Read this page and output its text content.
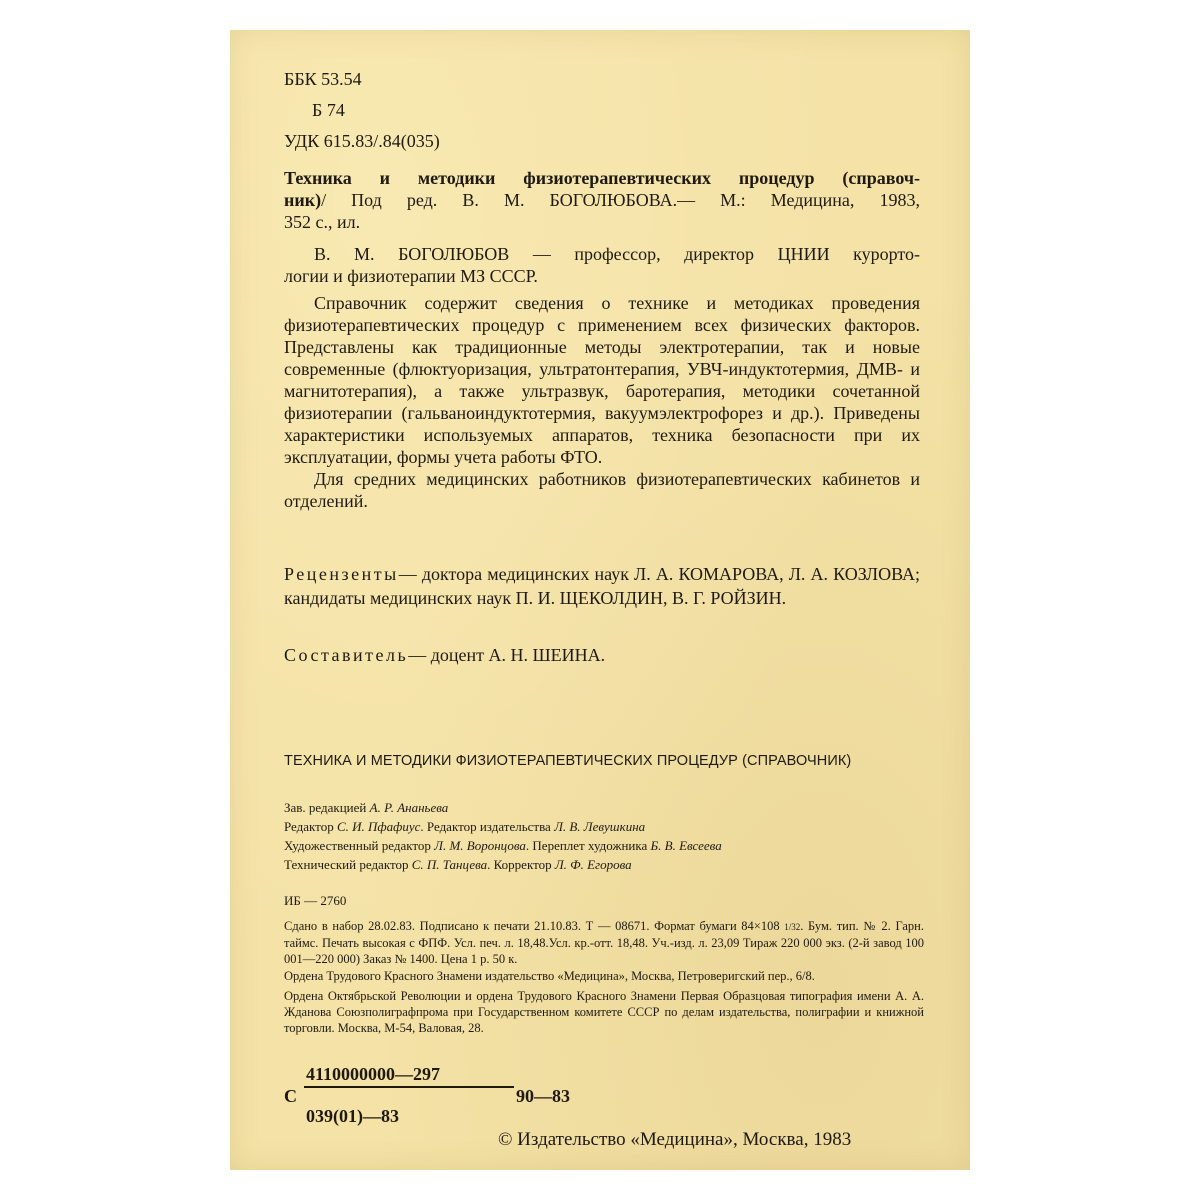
ББК 53.54

Б 74

УДК 615.83/.84(035)

Техника и методики физиотерапевтических процедур (справоч-
ник)/ Под ред. В. М. БОГОЛЮБОВА.— М.: Медицина, 1983,
352 с., ил.
В. М. БОГОЛЮБОВ — профессор, директор ЦНИИ курорто-
логии и физиотерапии МЗ СССР.

Справочник содержит сведения о технике и методиках проведения физиотерапевтических процедур с применением всех физических факторов. Представлены как традиционные методы электротерапии, так и новые современные (флюктуоризация, ультратонтерапия, УВЧ-индуктотермия, ДМВ- и магнитотерапия), а также ультразвук, баротерапия, методики сочетанной физиотерапии (гальваноиндуктотермия, вакуумэлектрофорез и др.). Приведены характеристики используемых аппаратов, техника безопасности при их эксплуатации, формы учета работы ФТО.

Для средних медицинских работников физиотерапевтических кабинетов и отделений.

Рецензенты— доктора медицинских наук Л. А. КОМАРОВА, Л. А. КОЗЛОВА; кандидаты медицинских наук П. И. ЩЕКОЛДИН, В. Г. РОЙЗИН.
Составитель— доцент А. Н. ШЕИНА.

ТЕХНИКА И МЕТОДИКИ ФИЗИОТЕРАПЕВТИЧЕСКИХ ПРОЦЕДУР (СПРАВОЧНИК)

Зав. редакцией А. Р. Ананьева
Редактор С. И. Пфафиус. Редактор издательства Л. В. Левушкина
Художественный редактор Л. М. Воронцова. Переплет художника Б. В. Евсеева
Технический редактор С. П. Танцева. Корректор Л. Ф. Егорова

ИБ — 2760

Сдано в набор 28.02.83. Подписано к печати 21.10.83. Т — 08671. Формат бумаги 84×108 1/32. Бум. тип. № 2. Гарн. таймс. Печать высокая с ФПФ. Усл. печ. л. 18,48.Усл. кр.-отт. 18,48. Уч.-изд. л. 23,09 Тираж 220 000 экз. (2-й завод 100 001—220 000) Заказ № 1400. Цена 1 р. 50 к.

Ордена Трудового Красного Знамени издательство «Медицина», Москва, Петроверигский пер., 6/8.

Ордена Октябрьской Революции и ордена Трудового Красного Знамени Первая Образцовая типография имени А. А. Жданова Союзполиграфпрома при Государственном комитете СССР по делам издательства, полиграфии и книжной торговли. Москва, М-54, Валовая, 28.

С
4110000000—297
039(01)—83
90—83

© Издательство «Медицина», Москва, 1983
